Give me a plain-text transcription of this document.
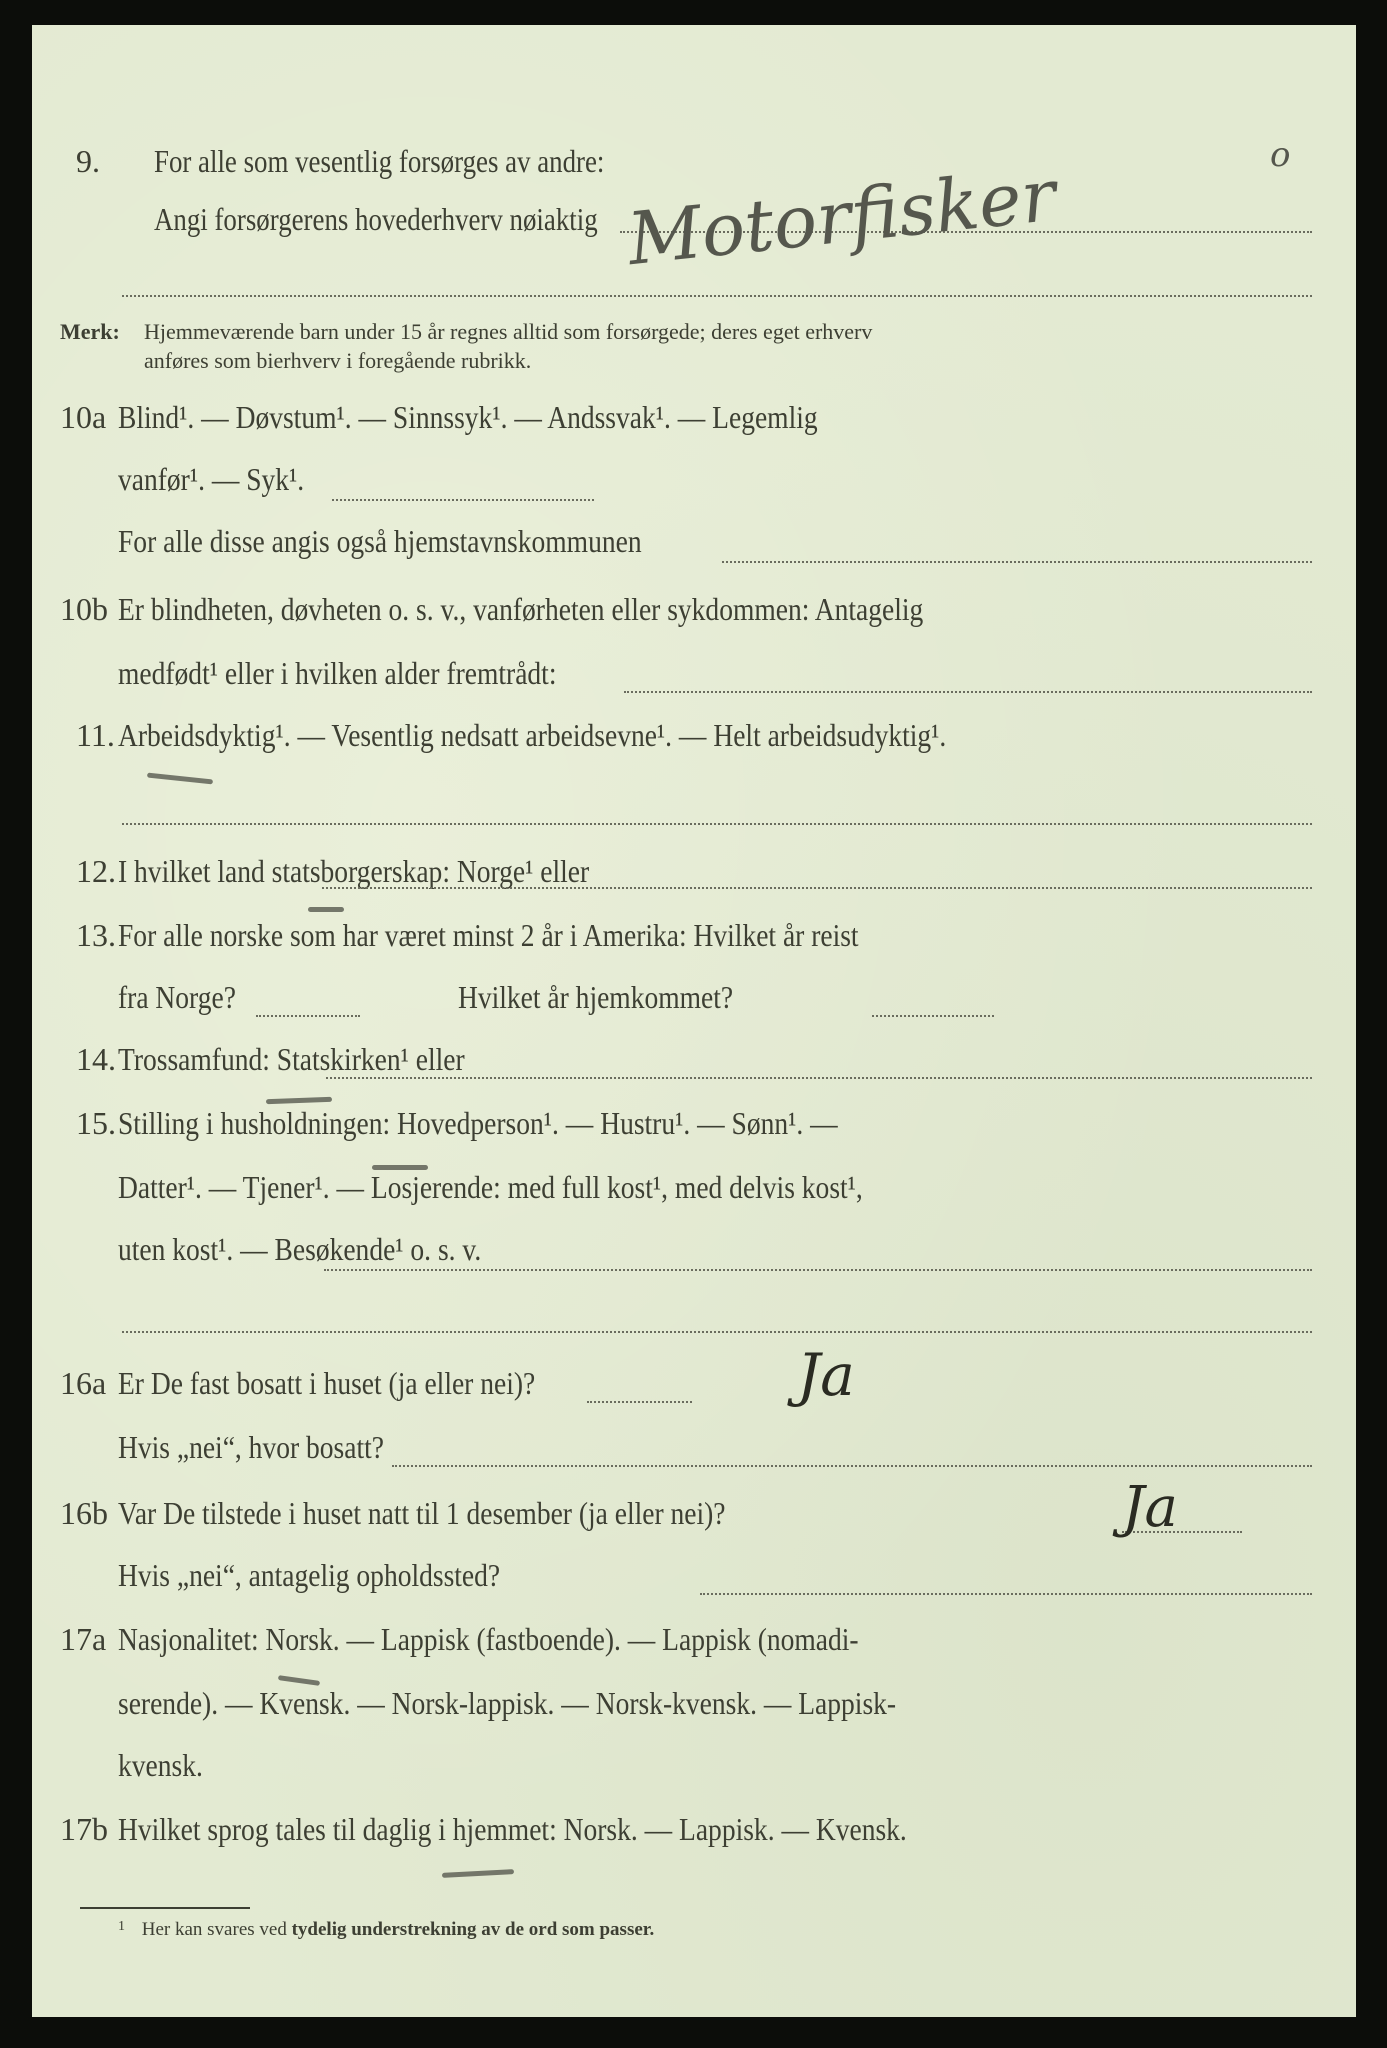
9. For alle som vesentlig forsørges av andre:
Angi forsørgerens hovederhverv nøiaktig Motorfisker	o
Merk: Hjemmeværende barn under 15 år regnes alltid som forsørgede; deres eget erhverv
anføres som bierhverv i foregående rubrikk.
10a Blind¹. — Døvstum¹. — Sinnssyk¹. — Andssvak¹. — Legemlig
vanfør¹. — Syk¹.
For alle disse angis også hjemstavnskommunen
10b Er blindheten, døvheten o. s. v., vanførheten eller sykdommen: Antagelig
medfødt¹ eller i hvilken alder fremtrådt:
11. Arbeidsdyktig¹. — Vesentlig nedsatt arbeidsevne¹. — Helt arbeidsudyktig¹.
12. I hvilket land statsborgerskap: Norge¹ eller
13. For alle norske som har været minst 2 år i Amerika: Hvilket år reist
fra Norge?	Hvilket år hjemkommet?
14. Trossamfund: Statskirken¹ eller
15. Stilling i husholdningen: Hovedperson¹. — Hustru¹. — Sønn¹. —
Datter¹. — Tjener¹. — Losjerende: med full kost¹, med delvis kost¹,
uten kost¹. — Besøkende¹ o. s. v.
16a Er De fast bosatt i huset (ja eller nei)?	Ja
Hvis „nei“, hvor bosatt?
16b Var De tilstede i huset natt til 1 desember (ja eller nei)?	Ja
Hvis „nei“, antagelig opholdssted?
17a Nasjonalitet: Norsk. — Lappisk (fastboende). — Lappisk (nomadi-
serende). — Kvensk. — Norsk-lappisk. — Norsk-kvensk. — Lappisk-
kvensk.
17b Hvilket sprog tales til daglig i hjemmet: Norsk. — Lappisk. — Kvensk.
$^1$ Her kan svares ved tydelig understrekning av de ord som passer.
